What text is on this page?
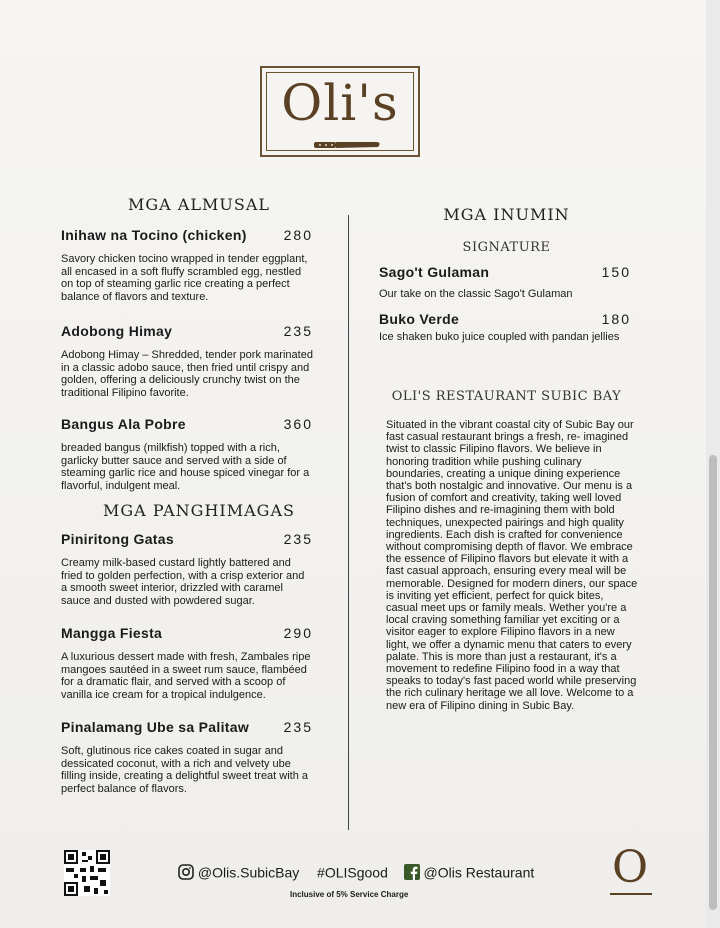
Oli's
MGA ALMUSAL
Inihaw na Tocino (chicken)	280
Savory chicken tocino wrapped in tender eggplant, all encased in a soft fluffy scrambled egg, nestled on top of steaming garlic rice creating a perfect balance of flavors and texture.
Adobong Himay	235
Adobong Himay – Shredded, tender pork marinated in a classic adobo sauce, then fried until crispy and golden, offering a deliciously crunchy twist on the traditional Filipino favorite.
Bangus Ala Pobre	360
breaded bangus (milkfish) topped with a rich, garlicky butter sauce and served with a side of steaming garlic rice and house spiced vinegar for a flavorful, indulgent meal.
MGA PANGHIMAGAS
Piniritong Gatas	235
Creamy milk-based custard lightly battered and fried to golden perfection, with a crisp exterior and a smooth sweet interior, drizzled with caramel sauce and dusted with powdered sugar.
Mangga Fiesta	290
A luxurious dessert made with fresh, Zambales ripe mangoes sautéed in a sweet rum sauce, flambéed for a dramatic flair, and served with a scoop of vanilla ice cream for a tropical indulgence.
Pinalamang Ube sa Palitaw	235
Soft, glutinous rice cakes coated in sugar and dessicated coconut, with a rich and velvety ube filling inside, creating a delightful sweet treat with a perfect balance of flavors.
MGA INUMIN
SIGNATURE
Sago't Gulaman	150
Our take on the classic Sago't Gulaman
Buko Verde	180
Ice shaken buko juice coupled with pandan jellies
OLI'S RESTAURANT SUBIC BAY
Situated in the vibrant coastal city of Subic Bay our fast casual restaurant brings a fresh, re- imagined twist to classic Filipino flavors. We believe in honoring tradition while pushing culinary boundaries, creating a unique dining experience that's both nostalgic and innovative. Our menu is a fusion of comfort and creativity, taking well loved Filipino dishes and re-imagining them with bold techniques, unexpected pairings and high quality ingredients. Each dish is crafted for convenience without compromising depth of flavor. We embrace the essence of Filipino flavors but elevate it with a fast casual approach, ensuring every meal will be memorable. Designed for modern diners, our space is inviting yet efficient, perfect for quick bites, casual meet ups or family meals. Wether you're a local craving something familiar yet exciting or a visitor eager to explore Filipino flavors in a new light, we offer a dynamic menu that caters to every palate. This is more than just a restaurant, it's a movement to redefine Filipino food in a way that speaks to today's fast paced world while preserving the rich culinary heritage we all love. Welcome to a new era of Filipino dining in Subic Bay.
@Olis.SubicBay #OLISgood	@Olis Restaurant
Inclusive of 5% Service Charge
O
